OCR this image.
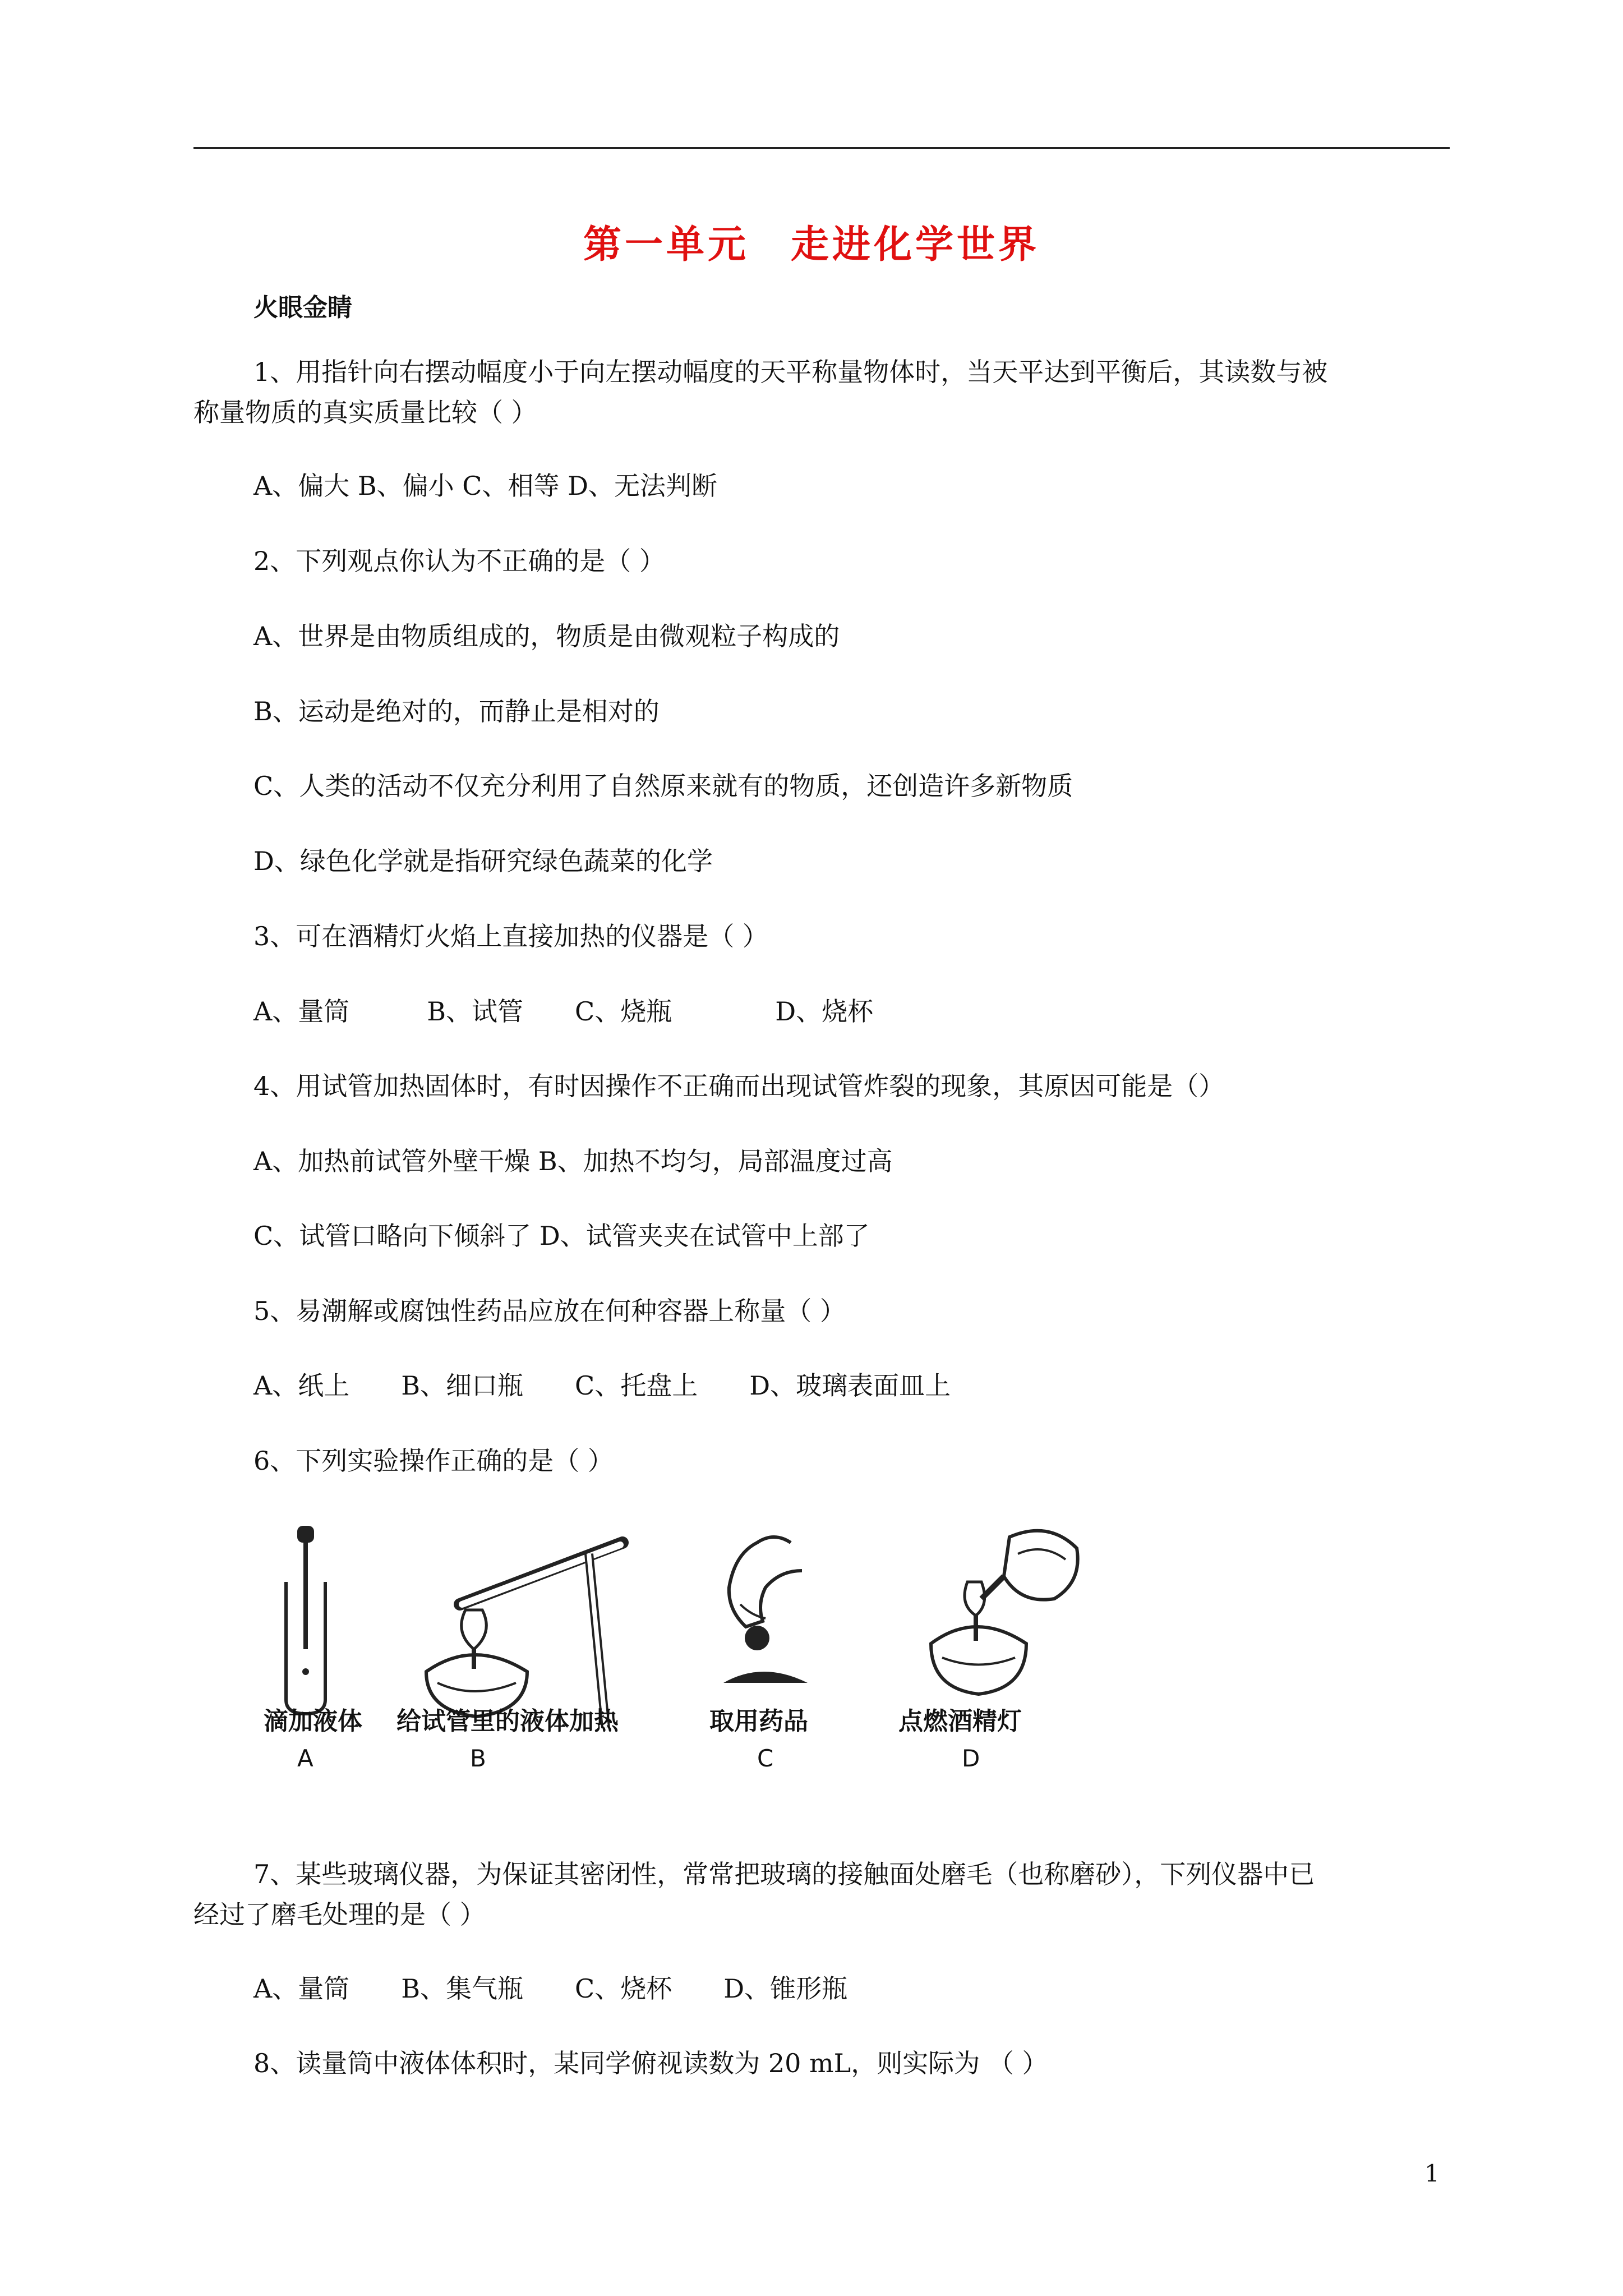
第一单元　走进化学世界
火眼金睛
1、用指针向右摆动幅度小于向左摆动幅度的天平称量物体时，当天平达到平衡后，其读数与被
称量物质的真实质量比较（ ）
A、偏大 B、偏小 C、相等 D、无法判断
2、下列观点你认为不正确的是（ ）
A、世界是由物质组成的，物质是由微观粒子构成的
B、运动是绝对的，而静止是相对的
C、人类的活动不仅充分利用了自然原来就有的物质，还创造许多新物质
D、绿色化学就是指研究绿色蔬菜的化学
3、可在酒精灯火焰上直接加热的仪器是（ ）
A、量筒　　　B、试管　　C、烧瓶　　　　D、烧杯
4、用试管加热固体时，有时因操作不正确而出现试管炸裂的现象，其原因可能是（）
A、加热前试管外壁干燥 B、加热不均匀，局部温度过高
C、试管口略向下倾斜了 D、试管夹夹在试管中上部了
5、易潮解或腐蚀性药品应放在何种容器上称量（ ）
A、纸上　　B、细口瓶　　C、托盘上　　D、玻璃表面皿上
6、下列实验操作正确的是（ ）
滴加液体 给试管里的液体加热	取用药品	点燃酒精灯
A	B	C	D
7、某些玻璃仪器，为保证其密闭性，常常把玻璃的接触面处磨毛（也称磨砂），下列仪器中已
经过了磨毛处理的是（ ）
A、量筒　　B、集气瓶　　C、烧杯　　D、锥形瓶
8、读量筒中液体体积时，某同学俯视读数为 20 mL，则实际为 （ ）
1
